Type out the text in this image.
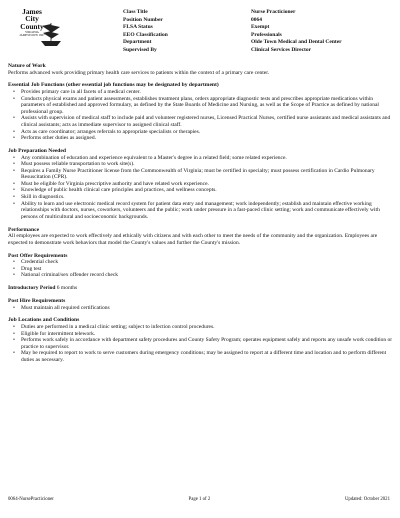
James
City
County
VIRGINIA
JAMESTOWN 1607
Class Title	Nurse Practicioner
Position Number	0064
FLSA Status	Exempt
EEO Classification	Professionals
Department	Olde Town Medical and Dental Center
Supervised By	Clinical Services Director
Nature of Work
Performs advanced work providing primary health care services to patients within the context of a primary care center.
Essential Job Functions (other essential job functions may be designated by department)
• Provides primary care in all facets of a medical center.
• Conducts physical exams and patient assessments, establishes treatment plans, orders appropriate diagnostic tests and prescribes appropriate medications within parameters of established and approved formulary, as defined by the State Boards of Medicine and Nursing, as well as the Scope of Practice as defined by national professional group.
• Assists with supervision of medical staff to include paid and volunteer registered nurses, Licensed Practical Nurses, certified nurse assistants and medical assistants and clinical assistants; acts as immediate supervisor to assigned clinical staff.
• Acts as care coordinator; arranges referrals to appropriate specialists or therapies.
• Performs other duties as assigned.
Job Preparation Needed
• Any combination of education and experience equivalent to a Master's degree in a related field; some related experience.
• Must possess reliable transportation to work site(s).
• Requires a Family Nurse Practitioner license from the Commonwealth of Virginia; must be certified in specialty; must possess certification in Cardio Pulmonary Resuscitation (CPR).
• Must be eligible for Virginia prescriptive authority and have related work experience.
• Knowledge of public health clinical care principles and practices, and wellness concepts.
• Skill in diagnostics.
• Ability to learn and use electronic medical record system for patient data entry and management; work independently; establish and maintain effective working relationships with doctors, nurses, coworkers, volunteers and the public; work under pressure in a fast-paced clinic setting; work and communicate effectively with persons of multicultural and socioeconomic backgrounds.
Performance
All employees are expected to work effectively and ethically with citizens and with each other to meet the needs of the community and the organization. Employees are expected to demonstrate work behaviors that model the County's values and further the County's mission.
Post Offer Requirements
• Credential check
• Drug test
• National criminal/sex offender record check
Introductory Period 6 months
Post Hire Requirements
• Must maintain all required certifications
Job Locations and Conditions
• Duties are performed in a medical clinic setting; subject to infection control procedures.
• Eligible for intermittent telework.
• Performs work safely in accordance with department safety procedures and County Safety Program; operates equipment safely and reports any unsafe work condition or practice to supervisor.
• May be required to report to work to serve customers during emergency conditions; may be assigned to report at a different time and location and to perform different duties as necessary.
0064-NursePracticioner	Page 1 of 2	Updated: October 2021
